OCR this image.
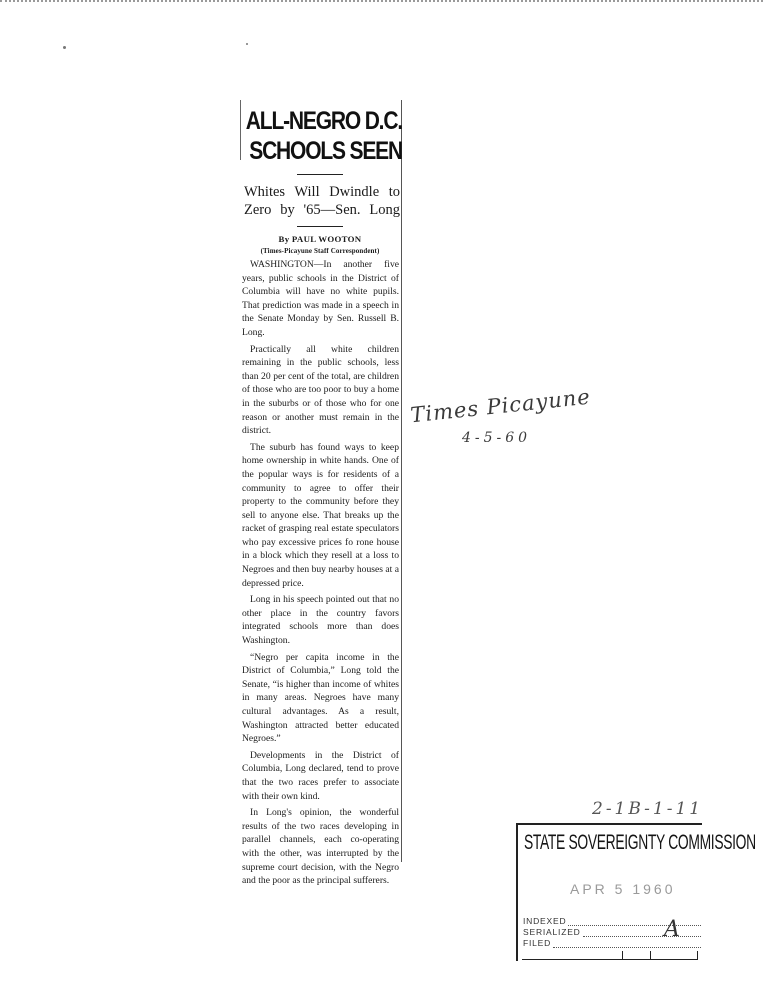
ALL-NEGRO D.C.
SCHOOLS SEEN
Whites Will Dwindle to Zero by '65—Sen. Long
By PAUL WOOTON
(Times-Picayune Staff Correspondent)

WASHINGTON—In another five years, public schools in the District of Columbia will have no white pupils. That prediction was made in a speech in the Senate Monday by Sen. Russell B. Long.

Practically all white children remaining in the public schools, less than 20 per cent of the total, are children of those who are too poor to buy a home in the suburbs or of those who for one reason or another must remain in the district.

The suburb has found ways to keep home ownership in white hands. One of the popular ways is for residents of a community to agree to offer their property to the community before they sell to anyone else. That breaks up the racket of grasping real estate speculators who pay excessive prices fo rone house in a block which they resell at a loss to Negroes and then buy nearby houses at a depressed price.

Long in his speech pointed out that no other place in the country favors integrated schools more than does Washington.

“Negro per capita income in the District of Columbia,” Long told the Senate, “is higher than income of whites in many areas. Negroes have many cultural advantages. As a result, Washington attracted better educated Negroes.”

Developments in the District of Columbia, Long declared, tend to prove that the two races prefer to associate with their own kind.

In Long's opinion, the wonderful results of the two races developing in parallel channels, each co-operating with the other, was interrupted by the supreme court decision, with the Negro and the poor as the principal sufferers.

Times Picayune
4-5-60
2-1B-1-11
STATE SOVEREIGNTY COMMISSION
APR 5 1960
INDEXED
SERIALIZED
FILED
A
